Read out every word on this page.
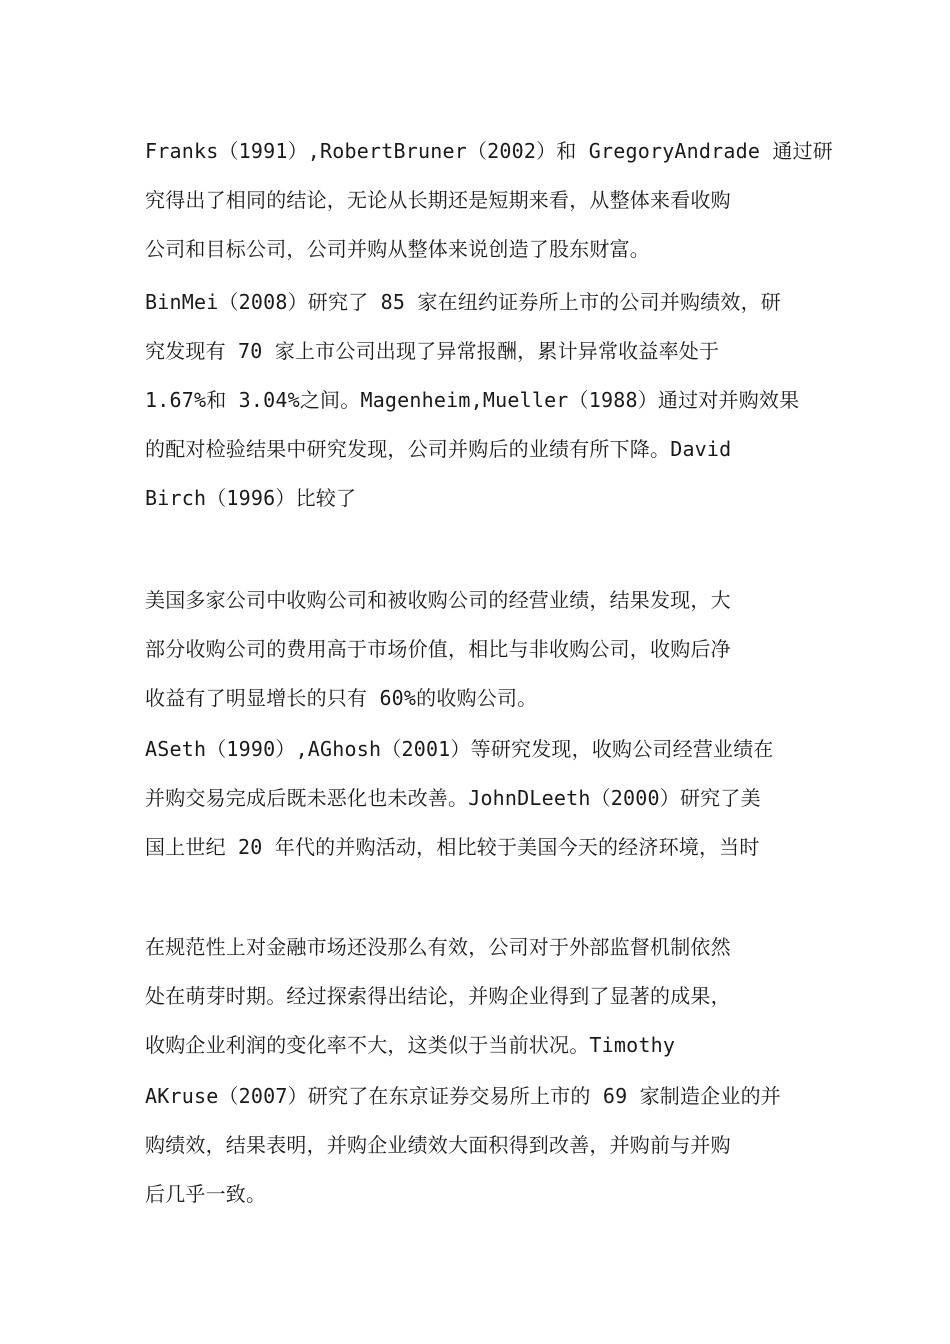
Franks（1991）,RobertBruner（2002）和 GregoryAndrade 通过研
究得出了相同的结论，无论从长期还是短期来看，从整体来看收购
公司和目标公司，公司并购从整体来说创造了股东财富。
BinMei（2008）研究了 85 家在纽约证券所上市的公司并购绩效，研
究发现有 70 家上市公司出现了异常报酬，累计异常收益率处于
1.67%和 3.04%之间。Magenheim,Mueller（1988）通过对并购效果
的配对检验结果中研究发现，公司并购后的业绩有所下降。David
Birch（1996）比较了
美国多家公司中收购公司和被收购公司的经营业绩，结果发现，大
部分收购公司的费用高于市场价值，相比与非收购公司，收购后净
收益有了明显增长的只有 60%的收购公司。
ASeth（1990）,AGhosh（2001）等研究发现，收购公司经营业绩在
并购交易完成后既未恶化也未改善。JohnDLeeth（2000）研究了美
国上世纪 20 年代的并购活动，相比较于美国今天的经济环境，当时
在规范性上对金融市场还没那么有效，公司对于外部监督机制依然
处在萌芽时期。经过探索得出结论，并购企业得到了显著的成果，
收购企业利润的变化率不大，这类似于当前状况。Timothy
AKruse（2007）研究了在东京证券交易所上市的 69 家制造企业的并
购绩效，结果表明，并购企业绩效大面积得到改善，并购前与并购
后几乎一致。
